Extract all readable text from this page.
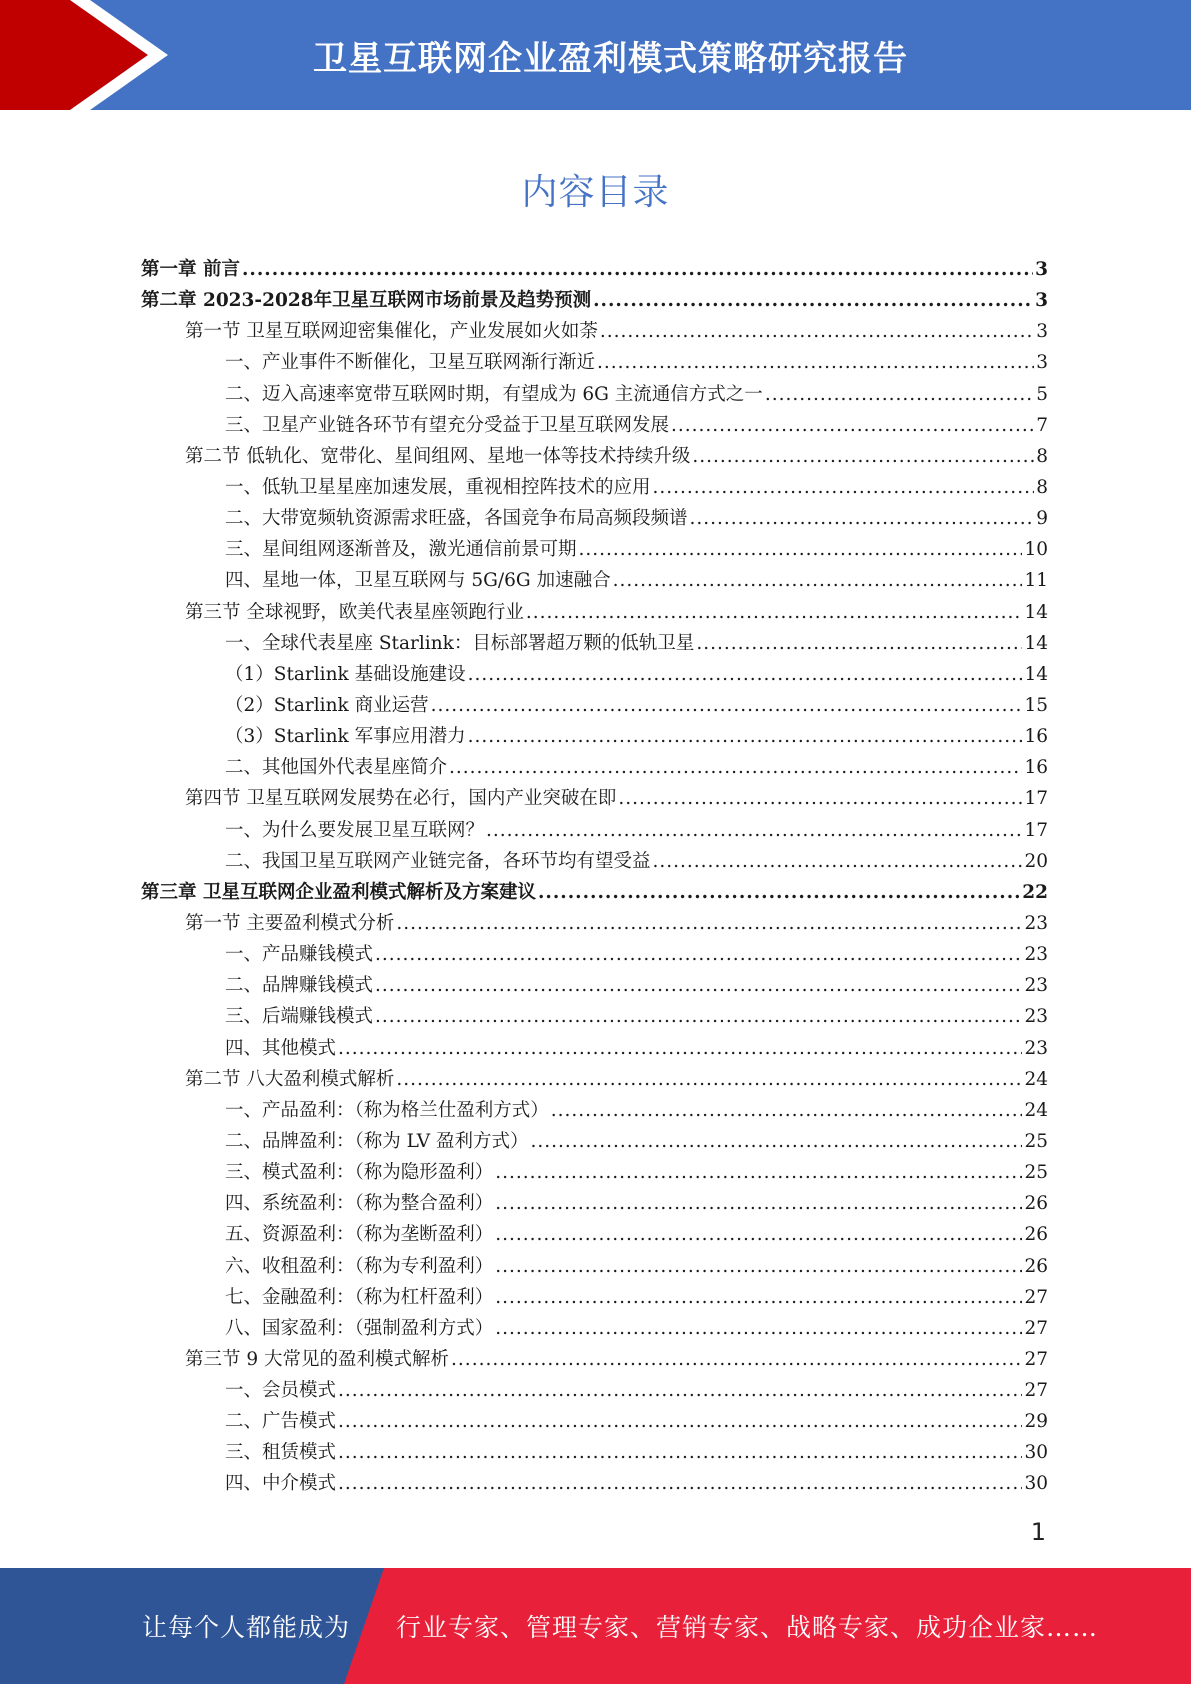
卫星互联网企业盈利模式策略研究报告
内容目录
第一章 前言 .....	3
第二章 2023-2028年卫星互联网市场前景及趋势预测 .....	3
第一节 卫星互联网迎密集催化，产业发展如火如荼 .....	3
一、产业事件不断催化，卫星互联网渐行渐近 .....	3
二、迈入高速率宽带互联网时期，有望成为 6G 主流通信方式之一 .....	5
三、卫星产业链各环节有望充分受益于卫星互联网发展 .....	7
第二节 低轨化、宽带化、星间组网、星地一体等技术持续升级 .....	8
一、低轨卫星星座加速发展，重视相控阵技术的应用 .....	8
二、大带宽频轨资源需求旺盛，各国竞争布局高频段频谱 .....	9
三、星间组网逐渐普及，激光通信前景可期 .....	10
四、星地一体，卫星互联网与 5G/6G 加速融合 .....	11
第三节 全球视野，欧美代表星座领跑行业 .....	14
一、全球代表星座 Starlink：目标部署超万颗的低轨卫星 .....	14
（1）Starlink 基础设施建设 .....	14
（2）Starlink 商业运营 .....	15
（3）Starlink 军事应用潜力 .....	16
二、其他国外代表星座简介 .....	16
第四节 卫星互联网发展势在必行，国内产业突破在即 .....	17
一、为什么要发展卫星互联网？ .....	17
二、我国卫星互联网产业链完备，各环节均有望受益 .....	20
第三章 卫星互联网企业盈利模式解析及方案建议 .....	22
第一节 主要盈利模式分析 .....	23
一、产品赚钱模式 .....	23
二、品牌赚钱模式 .....	23
三、后端赚钱模式 .....	23
四、其他模式 .....	23
第二节 八大盈利模式解析 .....	24
一、产品盈利：（称为格兰仕盈利方式） .....	24
二、品牌盈利：（称为 LV 盈利方式） .....	25
三、模式盈利：（称为隐形盈利） .....	25
四、系统盈利：（称为整合盈利） .....	26
五、资源盈利：（称为垄断盈利） .....	26
六、收租盈利：（称为专利盈利） .....	26
七、金融盈利：（称为杠杆盈利） .....	27
八、国家盈利：（强制盈利方式） .....	27
第三节 9 大常见的盈利模式解析 .....	27
一、会员模式 .....	27
二、广告模式 .....	29
三、租赁模式 .....	30
四、中介模式 .....	30
1
让每个人都能成为 行业专家、管理专家、营销专家、战略专家、成功企业家……
